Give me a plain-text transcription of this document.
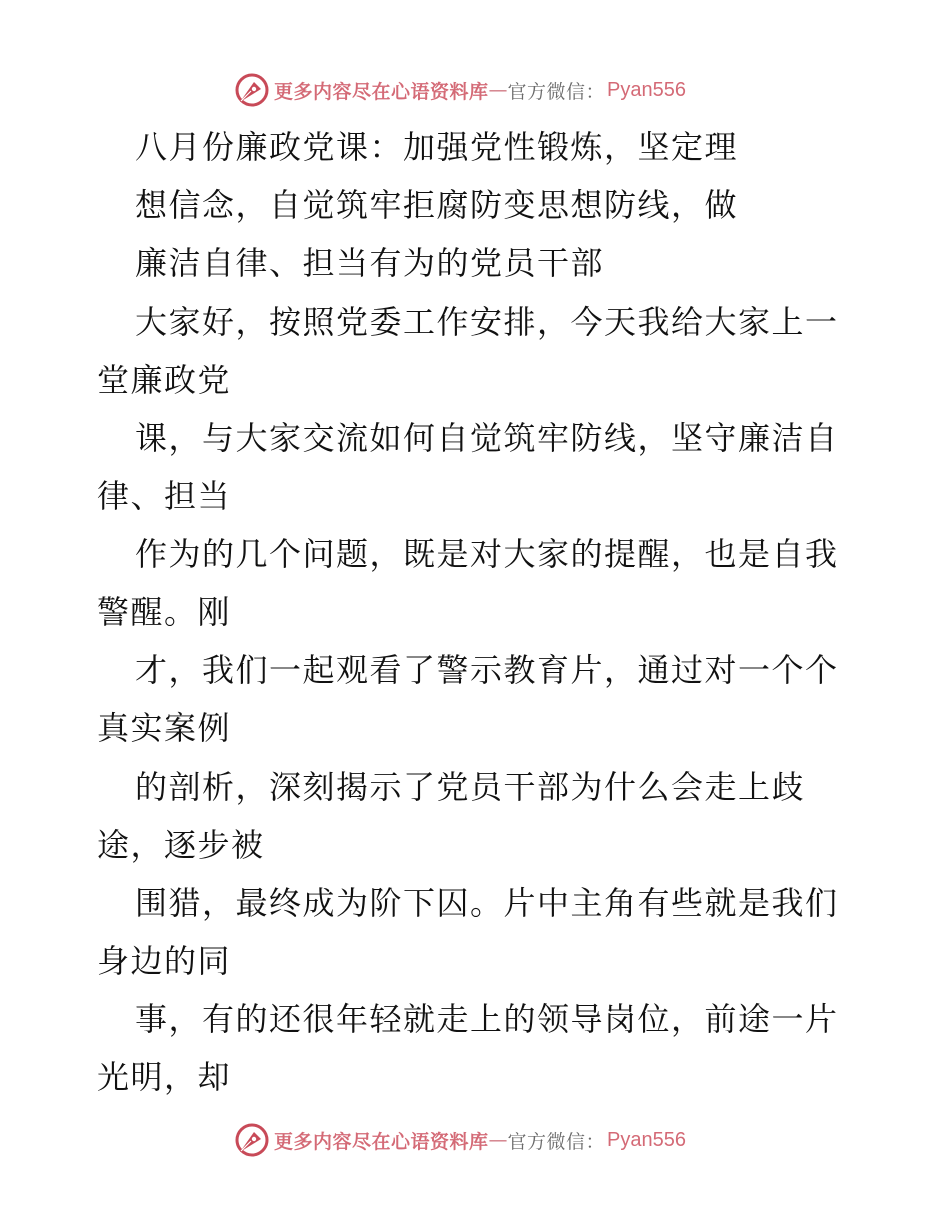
更多内容尽在心语资料库 — 官方微信： Pyan556
八月份廉政党课：加强党性锻炼，坚定理
想信念，自觉筑牢拒腐防变思想防线，做
廉洁自律、担当有为的党员干部
大家好，按照党委工作安排，今天我给大家上一
堂廉政党
课，与大家交流如何自觉筑牢防线，坚守廉洁自
律、担当
作为的几个问题，既是对大家的提醒，也是自我
警醒。刚
才，我们一起观看了警示教育片，通过对一个个
真实案例
的剖析，深刻揭示了党员干部为什么会走上歧
途，逐步被
围猎，最终成为阶下囚。片中主角有些就是我们
身边的同
事，有的还很年轻就走上的领导岗位，前途一片
光明，却
更多内容尽在心语资料库 — 官方微信： Pyan556
